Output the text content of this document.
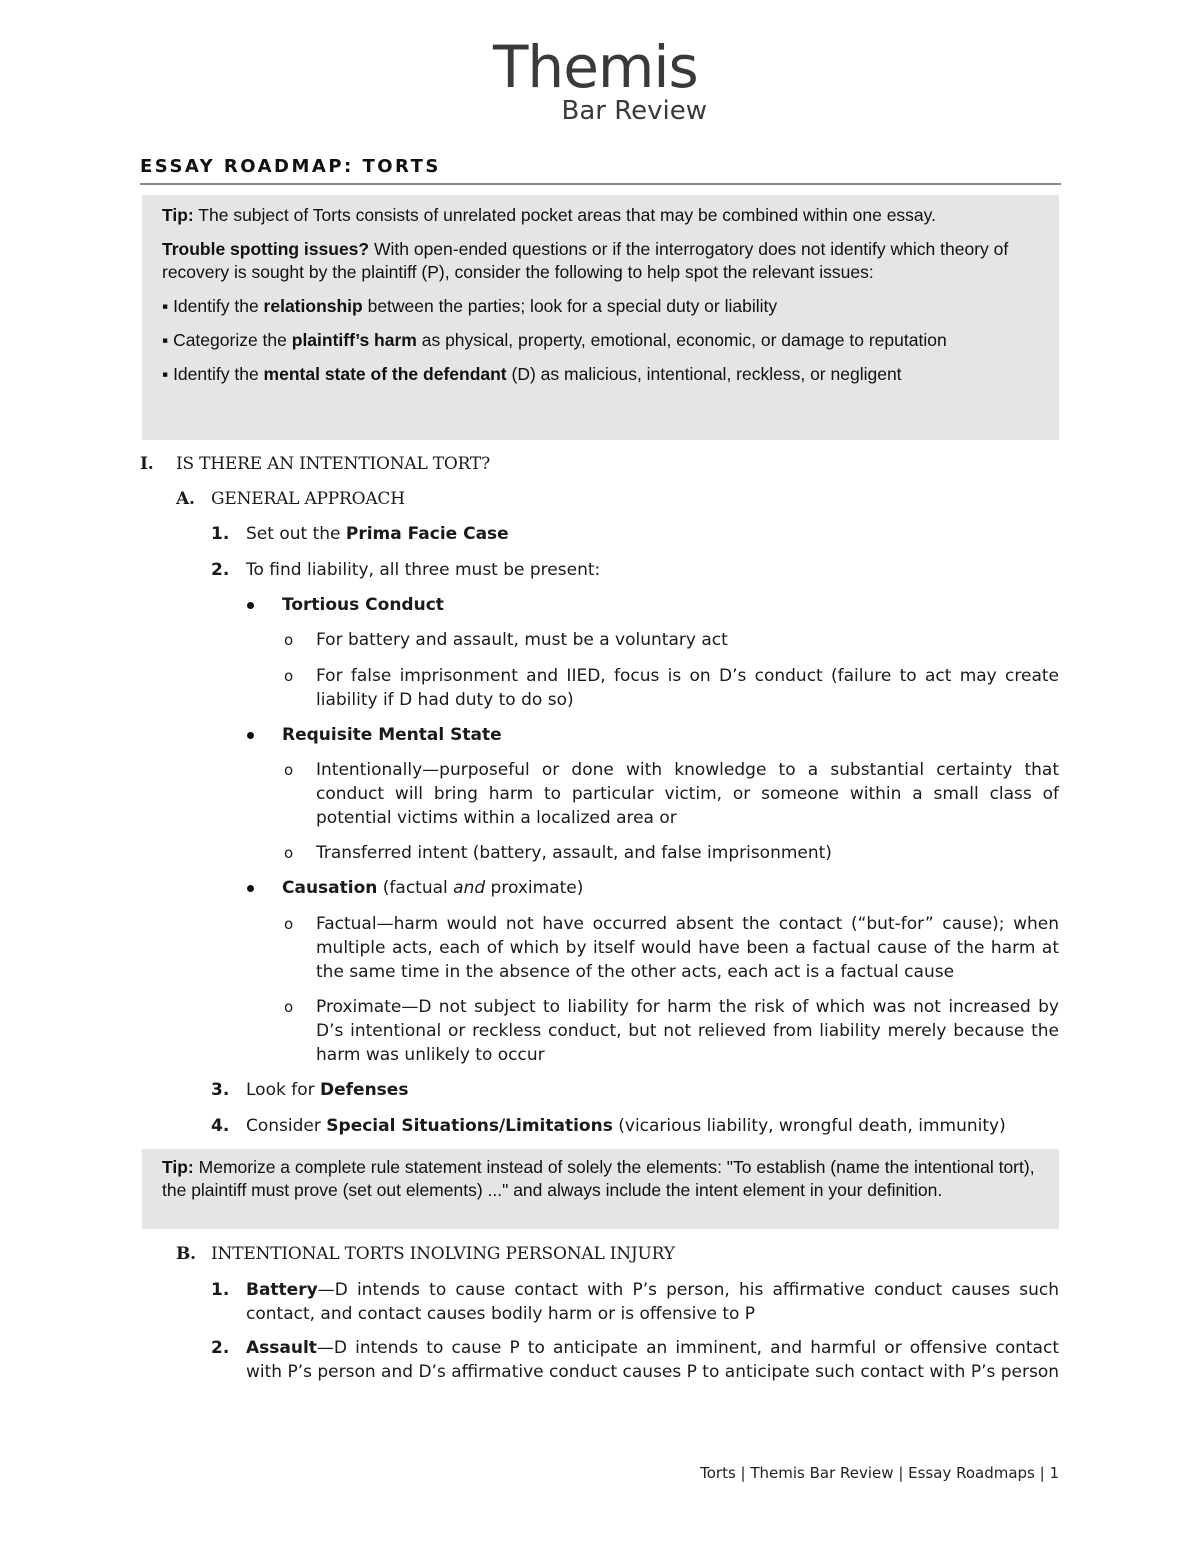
Themis
Bar Review
ESSAY ROADMAP: TORTS

Tip: The subject of Torts consists of unrelated pocket areas that may be combined within one essay.

Trouble spotting issues? With open-ended questions or if the interrogatory does not identify which theory of recovery is sought by the plaintiff (P), consider the following to help spot the relevant issues:

▪ Identify the relationship between the parties; look for a special duty or liability

▪ Categorize the plaintiff’s harm as physical, property, emotional, economic, or damage to reputation

▪ Identify the mental state of the defendant (D) as malicious, intentional, reckless, or negligent

I. IS THERE AN INTENTIONAL TORT?
A. GENERAL APPROACH
1. Set out the Prima Facie Case
2. To find liability, all three must be present:
Tortious Conduct
o For battery and assault, must be a voluntary act
o For false imprisonment and IIED, focus is on D’s conduct (failure to act may create liability if D had duty to do so)
Requisite Mental State
o Intentionally—purposeful or done with knowledge to a substantial certainty that conduct will bring harm to particular victim, or someone within a small class of potential victims within a localized area or
o Transferred intent (battery, assault, and false imprisonment)
Causation (factual and proximate)
o Factual—harm would not have occurred absent the contact (“but-for” cause); when multiple acts, each of which by itself would have been a factual cause of the harm at the same time in the absence of the other acts, each act is a factual cause
o Proximate—D not subject to liability for harm the risk of which was not increased by D’s intentional or reckless conduct, but not relieved from liability merely because the harm was unlikely to occur
3. Look for Defenses
4. Consider Special Situations/Limitations (vicarious liability, wrongful death, immunity)
B. INTENTIONAL TORTS INOLVING PERSONAL INJURY
1. Battery—D intends to cause contact with P’s person, his affirmative conduct causes such contact, and contact causes bodily harm or is offensive to P
2. Assault—D intends to cause P to anticipate an imminent, and harmful or offensive contact with P’s person and D’s affirmative conduct causes P to anticipate such contact with P’s person

Tip: Memorize a complete rule statement instead of solely the elements: "To establish (name the intentional tort), the plaintiff must prove (set out elements) ..." and always include the intent element in your definition.

Torts | Themis Bar Review | Essay Roadmaps | 1
